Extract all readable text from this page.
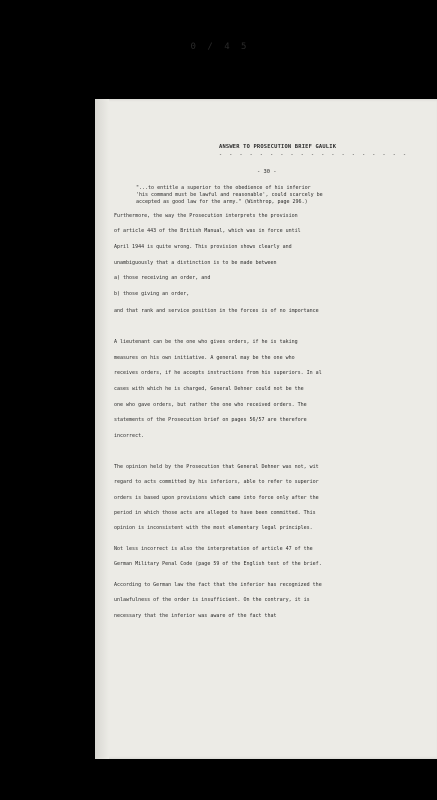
0 / 4 5
ANSWER TO PROSECUTION BRIEF GAULIK
- - - - - - - - - - - - - - - - - - -
- 30 -
"...to entitle a superior to the obedience of his inferior
'his command must be lawful and reasonable', could scarcely be
accepted as good law for the army." (Winthrop, page 296.)
Furthermore, the way the Prosecution interprets the provision
of article 443 of the British Manual, which was in force until
April 1944 is quite wrong. This provision shows clearly and
unambiguously that a distinction is to be made between
a) those receiving an order, and
b) those giving an order,
and that rank and service position in the forces is of no importance
A lieutenant can be the one who gives orders, if he is taking
measures on his own initiative. A general may be the one who
receives orders, if he accepts instructions from his superiors. In al
cases with which he is charged, General Dehner could not be the
one who gave orders, but rather the one who received orders. The
statements of the Prosecution brief on pages 56/57 are therefore
incorrect.
The opinion held by the Prosecution that General Dehner was not, wit
regard to acts committed by his inferiors, able to refer to superior
orders is based upon provisions which came into force only after the
period in which those acts are alleged to have been committed. This
opinion is inconsistent with the most elementary legal principles.
Not less incorrect is also the interpretation of article 47 of the
German Military Penal Code (page 59 of the English text of the brief.
According to German law the fact that the inferior has recognized the
unlawfulness of the order is insufficient. On the contrary, it is
necessary that the inferior was aware of the fact that
